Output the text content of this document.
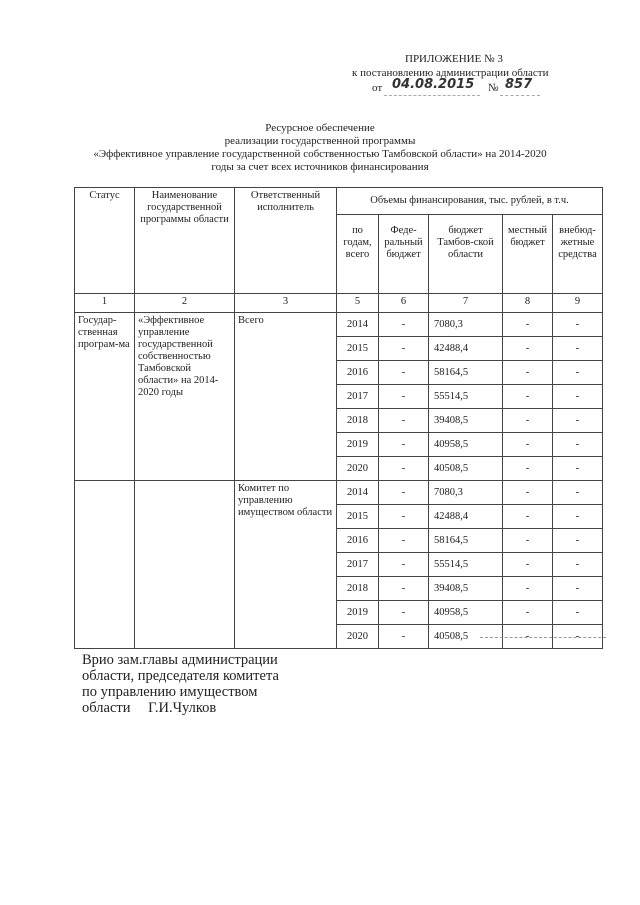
ПРИЛОЖЕНИЕ № 3
к постановлению администрации области
от 04.08.2015 № 857
Ресурсное обеспечение
реализации государственной программы
«Эффективное управление государственной собственностью Тамбовской области» на 2014-2020
годы за счет всех источников финансирования
Статус	Наименование государственной программы области	Ответственный исполнитель	Объемы финансирования, тыс. рублей, в т.ч.				
			по годам, всего	Феде-ральный бюджет	бюджет Тамбов-ской области	местный бюджет	внебюд-жетные средства
1	2	3	5	6	7	8	9
Государ-ственная програм-ма	«Эффективное управление государственной собственностью Тамбовской области» на 2014-2020 годы	Всего	2014	-	7080,3	-	-
			2015	-	42488,4	-	-
			2016	-	58164,5	-	-
			2017	-	55514,5	-	-
			2018	-	39408,5	-	-
			2019	-	40958,5	-	-
			2020	-	40508,5	-	-
		Комитет по управлению имуществом области	2014	-	7080,3	-	-
			2015	-	42488,4	-	-
			2016	-	58164,5	-	-
			2017	-	55514,5	-	-
			2018	-	39408,5	-	-
			2019	-	40958,5	-	-
			2020	-	40508,5	-	-
Врио зам.главы администрации
области, председателя комитета
по управлению имуществом
области Г.И.Чулков
